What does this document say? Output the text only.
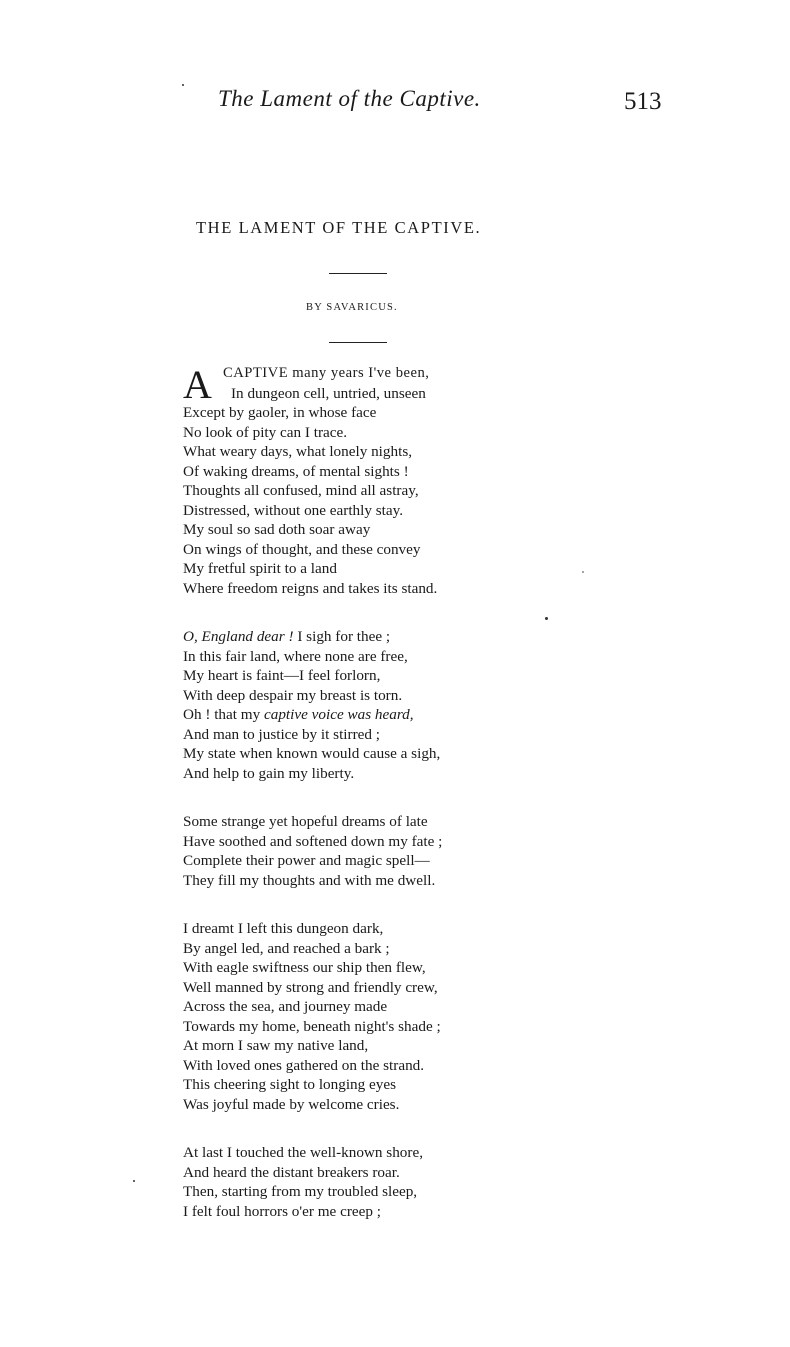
The Lament of the Captive.	513
THE LAMENT OF THE CAPTIVE.
BY SAVARICUS.
A CAPTIVE many years I've been,
In dungeon cell, untried, unseen
Except by gaoler, in whose face
No look of pity can I trace.
What weary days, what lonely nights,
Of waking dreams, of mental sights !
Thoughts all confused, mind all astray,
Distressed, without one earthly stay.
My soul so sad doth soar away
On wings of thought, and these convey
My fretful spirit to a land
Where freedom reigns and takes its stand.
O, England dear ! I sigh for thee ;
In this fair land, where none are free,
My heart is faint—I feel forlorn,
With deep despair my breast is torn.
Oh ! that my captive voice was heard,
And man to justice by it stirred ;
My state when known would cause a sigh,
And help to gain my liberty.
Some strange yet hopeful dreams of late
Have soothed and softened down my fate ;
Complete their power and magic spell—
They fill my thoughts and with me dwell.
I dreamt I left this dungeon dark,
By angel led, and reached a bark ;
With eagle swiftness our ship then flew,
Well manned by strong and friendly crew,
Across the sea, and journey made
Towards my home, beneath night's shade ;
At morn I saw my native land,
With loved ones gathered on the strand.
This cheering sight to longing eyes
Was joyful made by welcome cries.
At last I touched the well-known shore,
And heard the distant breakers roar.
Then, starting from my troubled sleep,
I felt foul horrors o'er me creep ;
